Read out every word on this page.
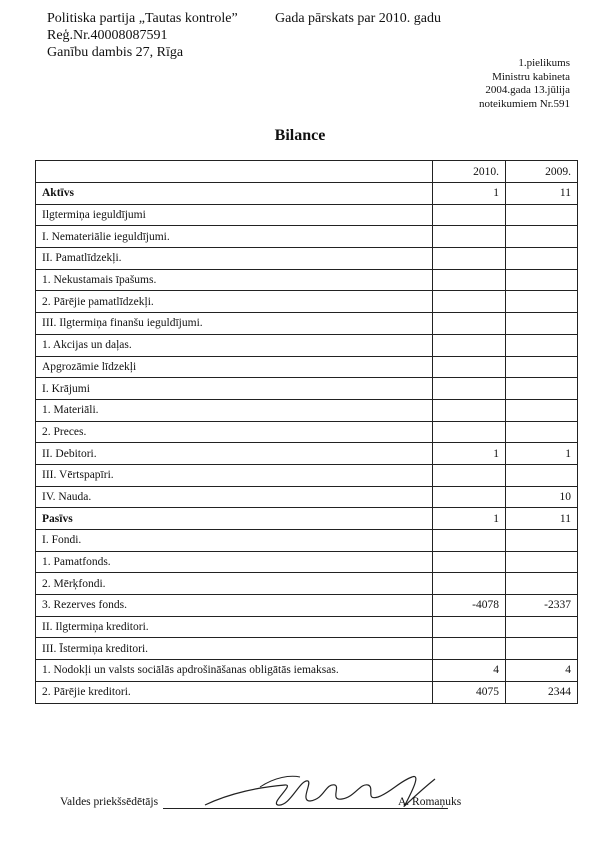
Politiska partija „Tautas kontrole”
Reģ.Nr.40008087591
Ganību dambis 27, Rīga
Gada pārskats par 2010. gadu
1.pielikums
Ministru kabineta
2004.gada 13.jūlija
noteikumiem Nr.591
Bilance
	2010.	2009.
Aktīvs	1	11
Ilgtermiņa ieguldījumi		
I. Nemateriālie ieguldījumi.		
II. Pamatlīdzekļi.		
1. Nekustamais īpašums.		
2. Pārējie pamatlīdzekļi.		
III. Ilgtermiņa finanšu ieguldījumi.		
1. Akcijas un daļas.		
Apgrozāmie līdzekļi		
I. Krājumi		
1. Materiāli.		
2. Preces.		
II. Debitori.	1	1
III. Vērtspapīri.		
IV. Nauda.		10
Pasīvs	1	11
I. Fondi.		
1. Pamatfonds.		
2. Mērķfondi.		
3. Rezerves fonds.	-4078	-2337
II. Ilgtermiņa kreditori.		
III. Īstermiņa kreditori.		
1. Nodokļi un valsts sociālās apdrošināšanas obligātās iemaksas.	4	4
2. Pārējie kreditori.	4075	2344
Valdes priekšsēdētājs	A. Romaņuks
